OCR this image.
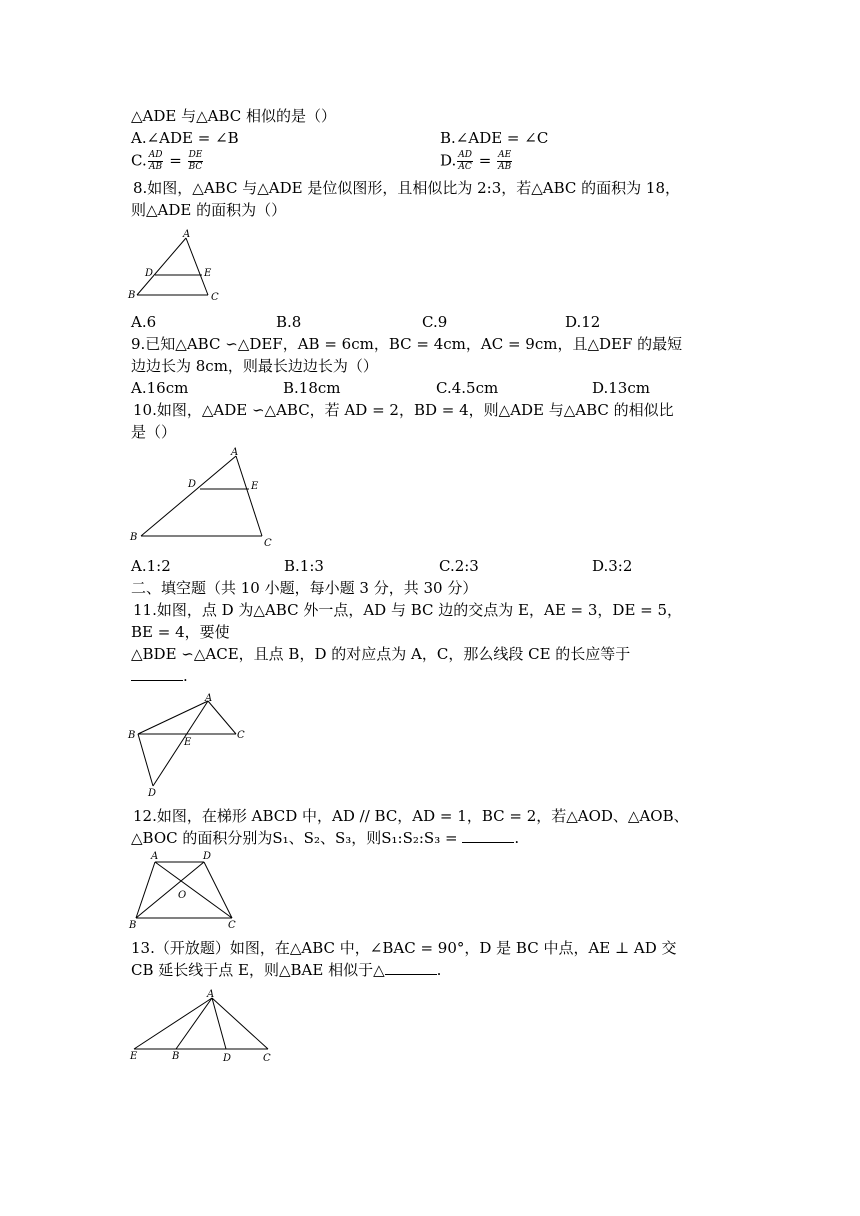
△ADE 与△ABC 相似的是（）
A.∠ADE = ∠B	B.∠ADE = ∠C
C. $\frac{AD}{AB} = \frac{DE}{BC}$	D. $\frac{AD}{AC} = \frac{AE}{AB}$
8.如图，△ABC 与△ADE 是位似图形，且相似比为 2:3，若△ABC 的面积为 18，
则△ADE 的面积为（）
A
B	C
D	E
A.6	B.8	C.9	D.12
9.已知△ABC ∽△DEF，AB = 6cm，BC = 4cm，AC = 9cm，且△DEF 的最短
边边长为 8cm，则最长边边长为（）
A.16cm	B.18cm	C.4.5cm	D.13cm
10.如图，△ADE ∽△ABC，若 AD = 2，BD = 4，则△ADE 与△ABC 的相似比
是（）
A
B
C
D	E
A.1:2	B.1:3	C.2:3	D.3:2
二、填空题（共 10 小题，每小题 3 分，共 30 分）
11.如图，点 D 为△ABC 外一点，AD 与 BC 边的交点为 E，AE = 3，DE = 5，
BE = 4，要使
△BDE ∽△ACE，且点 B，D 的对应点为 A，C，那么线段 CE 的长应等于
.
A
B	C
D
E
12.如图，在梯形 ABCD 中，AD // BC，AD = 1，BC = 2，若△AOD、△AOB、
△BOC 的面积分别为S₁、S₂、S₃，则S₁:S₂:S₃ =	.
A	D
B	C
O
13.（开放题）如图，在△ABC 中，∠BAC = 90°，D 是 BC 中点，AE ⊥ AD 交
CB 延长线于点 E，则△BAE 相似于△	.
A
E	B	D	C
